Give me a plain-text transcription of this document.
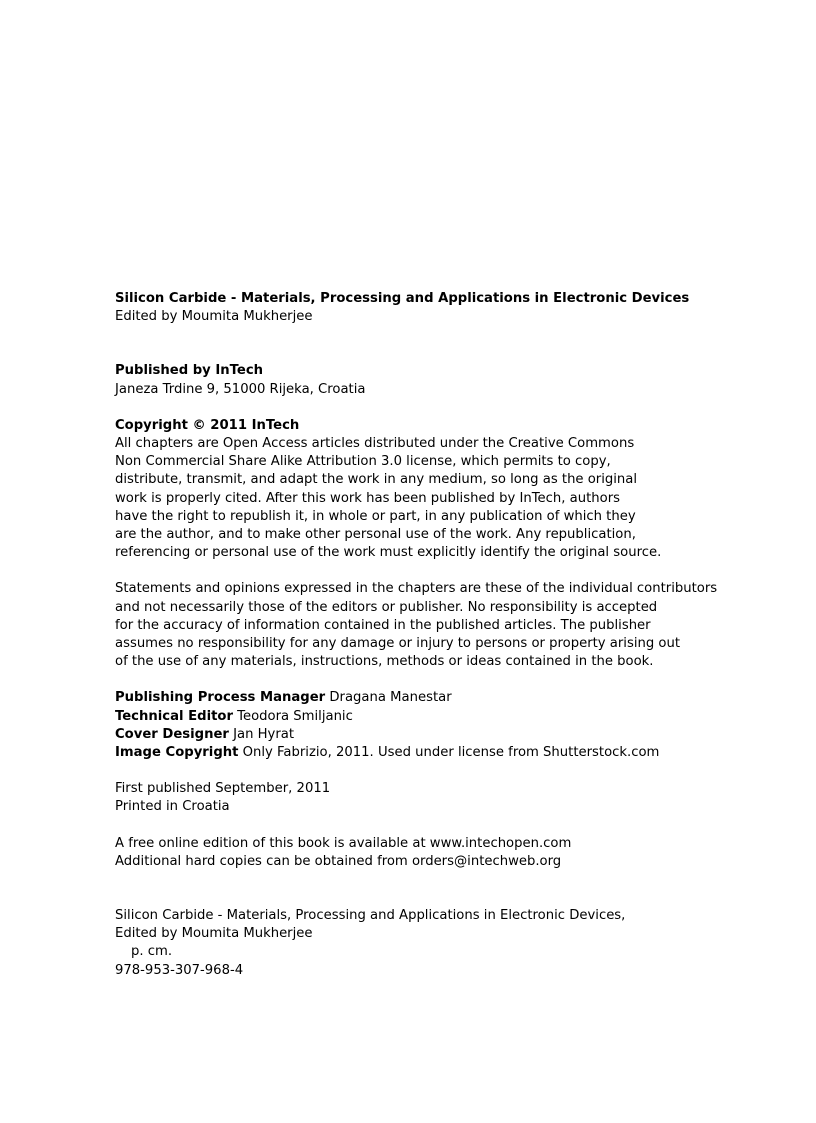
Silicon Carbide - Materials, Processing and Applications in Electronic Devices
Edited by Moumita Mukherjee
Published by InTech
Janeza Trdine 9, 51000 Rijeka, Croatia
Copyright © 2011 InTech
All chapters are Open Access articles distributed under the Creative Commons
Non Commercial Share Alike Attribution 3.0 license, which permits to copy,
distribute, transmit, and adapt the work in any medium, so long as the original
work is properly cited. After this work has been published by InTech, authors
have the right to republish it, in whole or part, in any publication of which they
are the author, and to make other personal use of the work. Any republication,
referencing or personal use of the work must explicitly identify the original source.
Statements and opinions expressed in the chapters are these of the individual contributors
and not necessarily those of the editors or publisher. No responsibility is accepted
for the accuracy of information contained in the published articles. The publisher
assumes no responsibility for any damage or injury to persons or property arising out
of the use of any materials, instructions, methods or ideas contained in the book.
Publishing Process Manager Dragana Manestar
Technical Editor Teodora Smiljanic
Cover Designer Jan Hyrat
Image Copyright Only Fabrizio, 2011. Used under license from Shutterstock.com
First published September, 2011
Printed in Croatia
A free online edition of this book is available at www.intechopen.com
Additional hard copies can be obtained from orders@intechweb.org
Silicon Carbide - Materials, Processing and Applications in Electronic Devices,
Edited by Moumita Mukherjee
p. cm.
978-953-307-968-4
